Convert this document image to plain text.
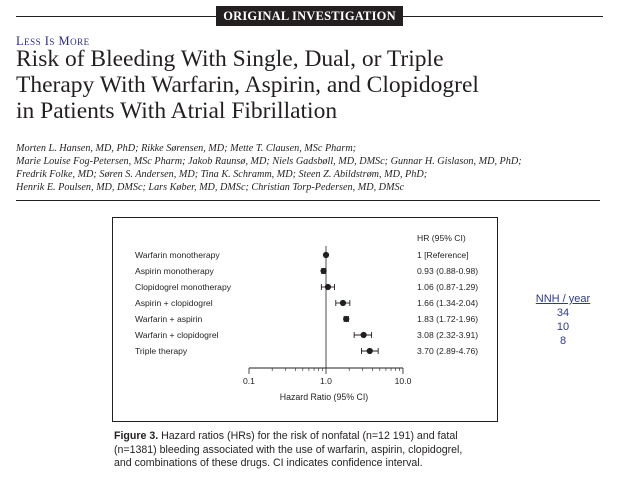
ORIGINAL INVESTIGATION
Less Is More
Risk of Bleeding With Single, Dual, or Triple
Therapy With Warfarin, Aspirin, and Clopidogrel
in Patients With Atrial Fibrillation
Morten L. Hansen, MD, PhD; Rikke Sørensen, MD; Mette T. Clausen, MSc Pharm;
Marie Louise Fog-Petersen, MSc Pharm; Jakob Raunsø, MD; Niels Gadsbøll, MD, DMSc; Gunnar H. Gislason, MD, PhD;
Fredrik Folke, MD; Søren S. Andersen, MD; Tina K. Schramm, MD; Steen Z. Abildstrøm, MD, PhD;
Henrik E. Poulsen, MD, DMSc; Lars Køber, MD, DMSc; Christian Torp-Pedersen, MD, DMSc
HR (95% CI)
0.1	1.0	10.0
Hazard Ratio (95% CI)
Warfarin monotherapy	1 [Reference]
Aspirin monotherapy	0.93 (0.88-0.98)
Clopidogrel monotherapy	1.06 (0.87-1.29)
Aspirin + clopidogrel	1.66 (1.34-2.04)
Warfarin + aspirin	1.83 (1.72-1.96)
Warfarin + clopidogrel	3.08 (2.32-3.91)
Triple therapy	3.70 (2.89-4.76)
NNH / year
34
10
8
Figure 3. Hazard ratios (HRs) for the risk of nonfatal (n=12 191) and fatal
(n=1381) bleeding associated with the use of warfarin, aspirin, clopidogrel,
and combinations of these drugs. CI indicates confidence interval.
